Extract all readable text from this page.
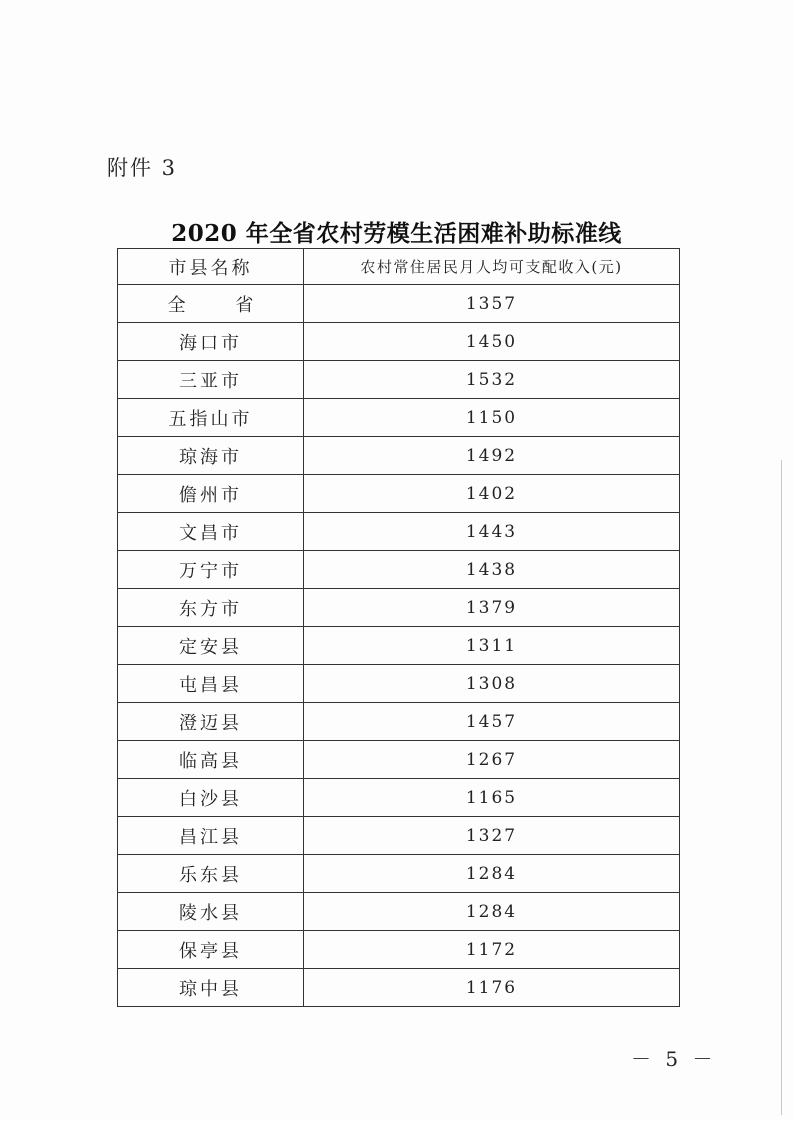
附件 3
2020 年全省农村劳模生活困难补助标准线
市县名称	农村常住居民月人均可支配收入(元)
全 省	1357
海口市	1450
三亚市	1532
五指山市	1150
琼海市	1492
儋州市	1402
文昌市	1443
万宁市	1438
东方市	1379
定安县	1311
屯昌县	1308
澄迈县	1457
临高县	1267
白沙县	1165
昌江县	1327
乐东县	1284
陵水县	1284
保亭县	1172
琼中县	1176
－ 5 －
